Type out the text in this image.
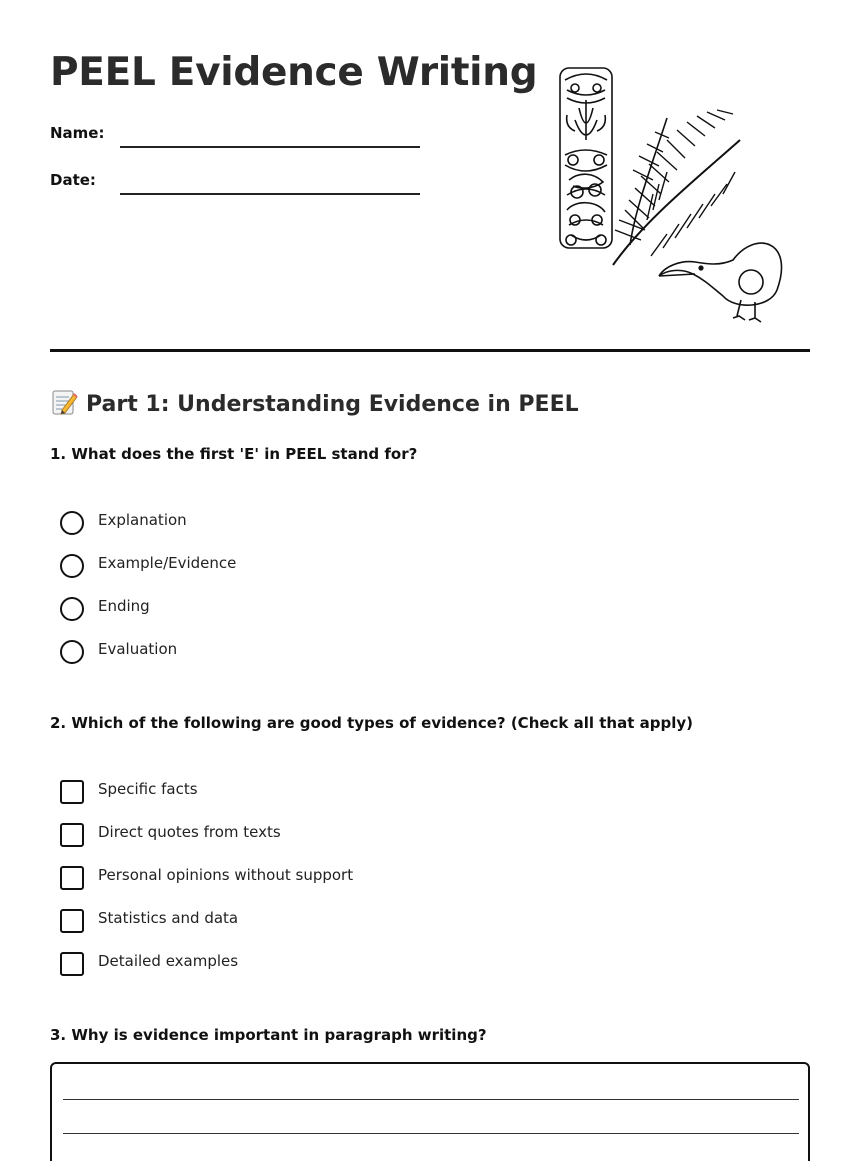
PEEL Evidence Writing
Name:
Date:
Part 1: Understanding Evidence in PEEL
1. What does the first 'E' in PEEL stand for?
Explanation
Example/Evidence
Ending
Evaluation
2. Which of the following are good types of evidence? (Check all that apply)
Specific facts
Direct quotes from texts
Personal opinions without support
Statistics and data
Detailed examples
3. Why is evidence important in paragraph writing?
